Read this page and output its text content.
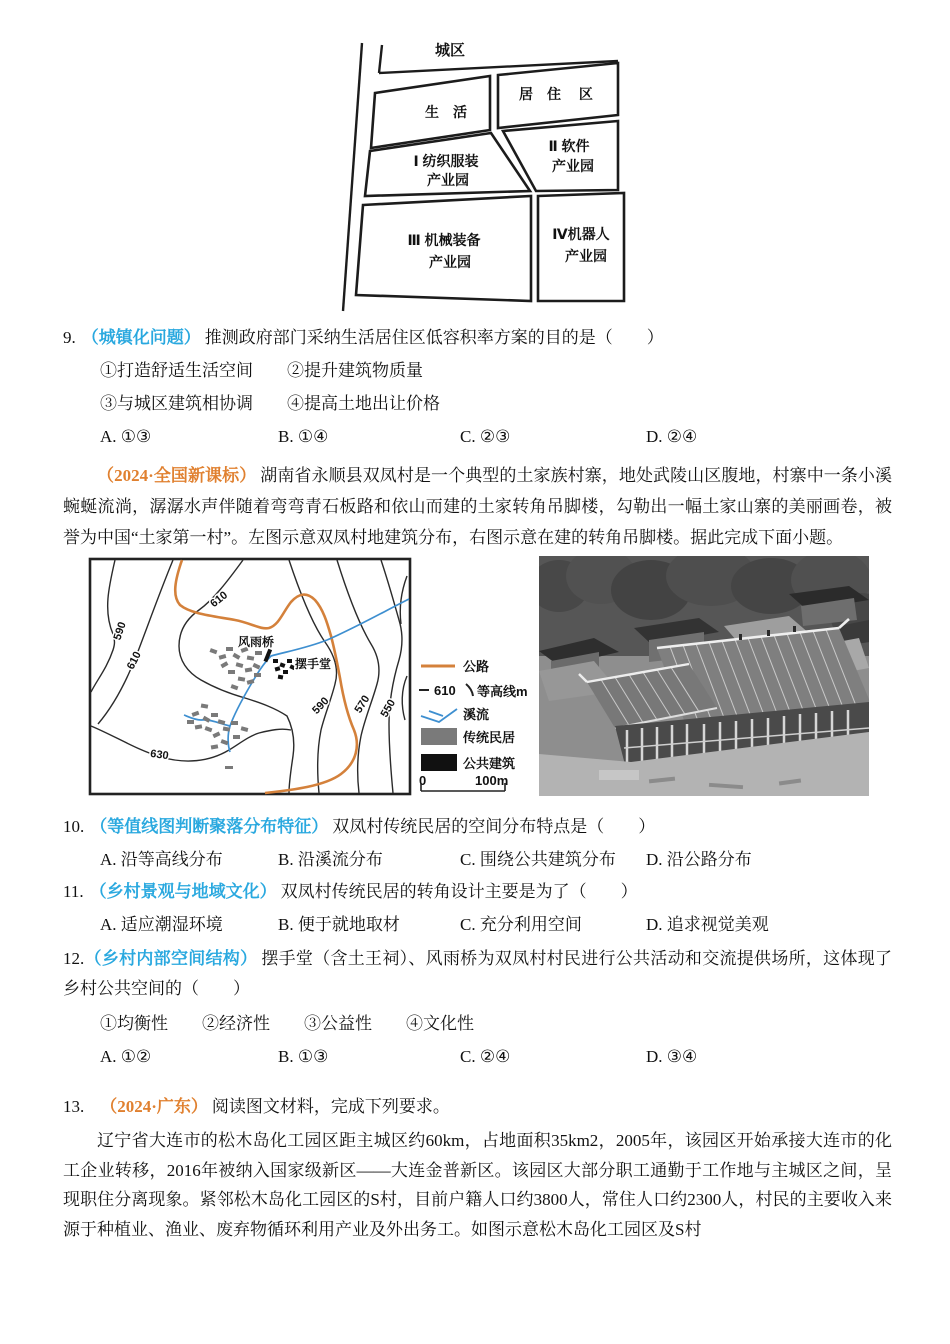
城区
生　活
居　住　 区
Ⅰ 纺织服装
产业园
Ⅱ 软件
产业园
Ⅲ 机械装备
产业园
Ⅳ机器人
产业园
9. （城镇化问题） 推测政府部门采纳生活居住区低容积率方案的目的是（　　）
①打造舒适生活空间　　②提升建筑物质量
③与城区建筑相协调　　④提高土地出让价格
A. ①③	B. ①④	C. ②③	D. ②④
（2024·全国新课标） 湖南省永顺县双凤村是一个典型的土家族村寨，地处武陵山区腹地，村寨中一条小溪蜿蜒流淌，潺潺水声伴随着弯弯青石板路和依山而建的土家转角吊脚楼，勾勒出一幅土家山寨的美丽画卷，被誉为中国“土家第一村”。左图示意双凤村地建筑分布，右图示意在建的转角吊脚楼。据此完成下面小题。
590
610
610
630
590 570 550
风雨桥
摆手堂	公路
610 等高线m
溪流
传统民居
公共建筑
0	100m
10. （等值线图判断聚落分布特征） 双凤村传统民居的空间分布特点是（　　）
A. 沿等高线分布	B. 沿溪流分布	C. 围绕公共建筑分布	D. 沿公路分布
11. （乡村景观与地域文化） 双凤村传统民居的转角设计主要是为了（　　）
A. 适应潮湿环境	B. 便于就地取材	C. 充分利用空间	D. 追求视觉美观
12.（乡村内部空间结构） 摆手堂（含土王祠）、风雨桥为双凤村村民进行公共活动和交流提供场所，这体现了乡村公共空间的（　　）
①均衡性　　②经济性　　③公益性　　④文化性
A. ①②	B. ①③	C. ②④	D. ③④
13. （2024·广东） 阅读图文材料，完成下列要求。
辽宁省大连市的松木岛化工园区距主城区约60km，占地面积35km2，2005年，该园区开始承接大连市的化工企业转移，2016年被纳入国家级新区——大连金普新区。该园区大部分职工通勤于工作地与主城区之间，呈现职住分离现象。紧邻松木岛化工园区的S村，目前户籍人口约3800人，常住人口约2300人，村民的主要收入来源于种植业、渔业、废弃物循环利用产业及外出务工。如图示意松木岛化工园区及S村
